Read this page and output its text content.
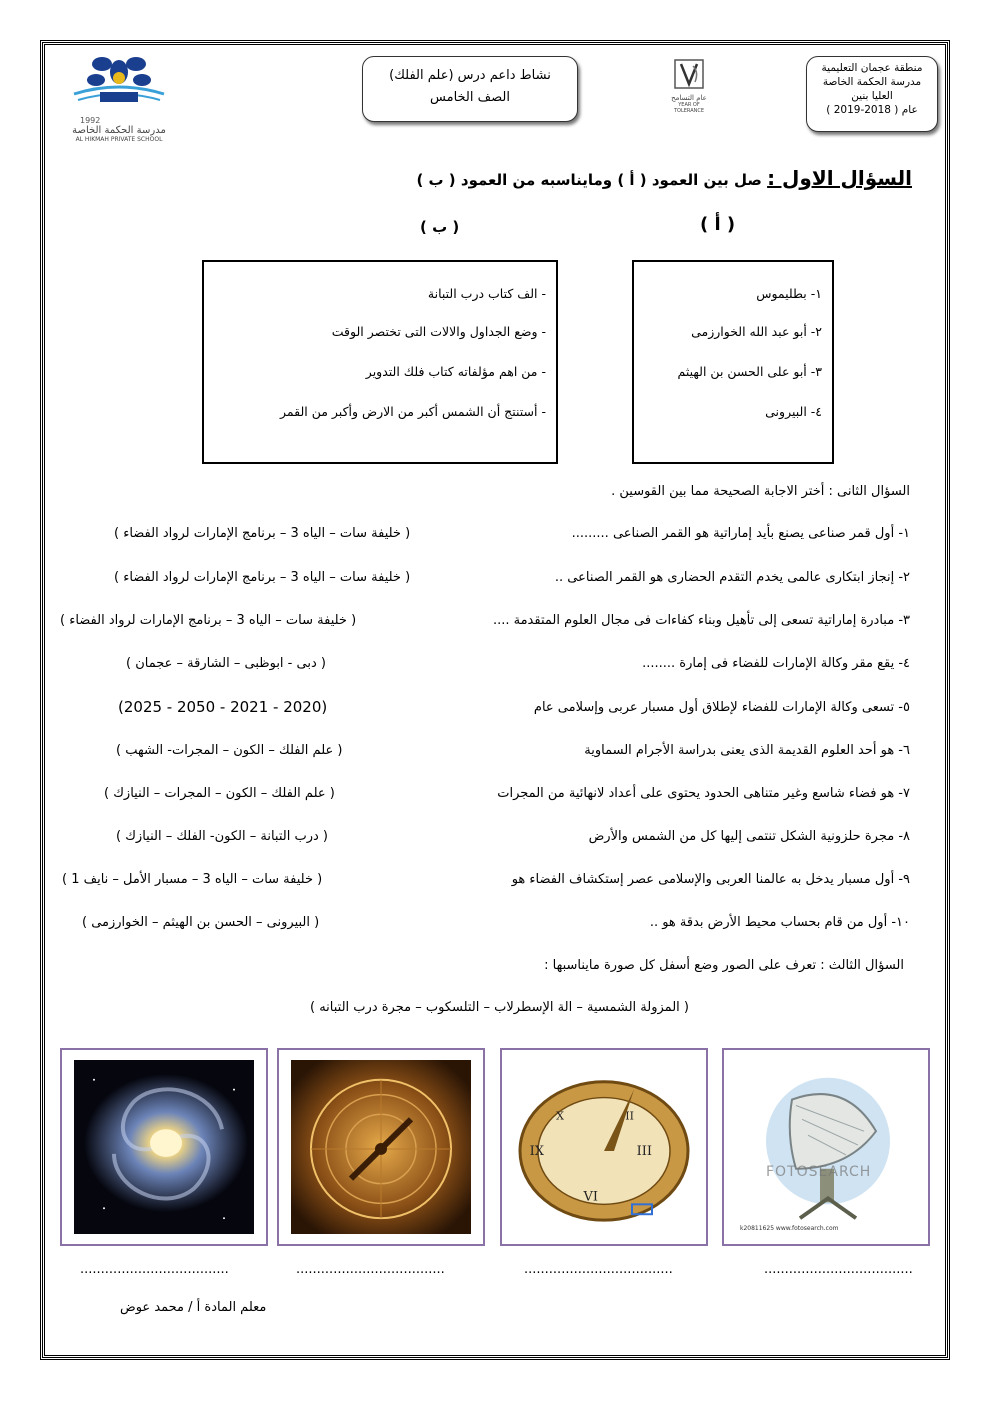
منطقة عجمان التعليمية
مدرسة الحكمة الخاصة
العليا بنين
عام ( 2018-2019 )
عام التسامح
YEAR OF TOLERANCE
نشاط داعم درس (علم الفلك)
الصف الخامس
1992
مدرسة الحكمة الخاصة
AL HIKMAH PRIVATE SCHOOL
السؤال الاول : صل بين العمود ( أ ) ومايناسبه من العمود ( ب )
( أ )
( ب )
١- بطليموس
٢- أبو عبد الله الخوارزمى
٣- أبو على الحسن بن الهيثم
٤- البيرونى
- الف كتاب درب التبانة
- وضع الجداول والالات التى تختصر الوقت
- من اهم مؤلفاته كتاب فلك التدوير
- أستنتج أن الشمس أكبر من الارض وأكبر من القمر
السؤال الثانى : أختر الاجابة الصحيحة مما بين القوسين .
١- أول قمر صناعى يصنع بأيد إماراتية هو القمر الصناعى .........
( خليفة سات – الياه 3 – برنامج الإمارات لرواد الفضاء )
٢- إنجاز ابتكارى عالمى يخدم التقدم الحضارى هو القمر الصناعى ..
( خليفة سات – الياه 3 – برنامج الإمارات لرواد الفضاء )
٣- مبادرة إماراتية تسعى إلى تأهيل وبناء كفاءات فى مجال العلوم المتقدمة ....
( خليفة سات – الياه 3 – برنامج الإمارات لرواد الفضاء )
٤- يقع مقر وكالة الإمارات للفضاء فى إمارة ........
( دبى - ابوظبى – الشارقة – عجمان )
٥- تسعى وكالة الإمارات للفضاء لإطلاق أول مسبار عربى وإسلامى عام
(2025 - 2050 - 2021 - 2020)
٦- هو أحد العلوم القديمة الذى يعنى بدراسة الأجرام السماوية
( علم الفلك – الكون – المجرات- الشهب )
٧- هو فضاء شاسع وغير متناهى الحدود يحتوى على أعداد لانهائية من المجرات
( علم الفلك – الكون – المجرات – النيازك )
٨- مجرة حلزونية الشكل تنتمى إليها كل من الشمس والأرض
( درب التبانة – الكون- الفلك – النيازك )
٩- أول مسبار يدخل به عالمنا العربى والإسلامى عصر إستكشاف الفضاء هو
( خليفة سات – الياه 3 – مسبار الأمل – نايف 1 )
١٠- أول من قام بحساب محيط الأرض بدقة هو ..
( البيرونى – الحسن بن الهيثم – الخوارزمى )
السؤال الثالث : تعرف على الصور وضع أسفل كل صورة مايناسبها :
( المزولة الشمسية – الة الإسطرلاب – التلسكوب – مجرة درب التبانه )
IX	III
VI
X	II
FOTOSEARCH
k20811625 www.fotosearch.com
....................................	....................................	....................................	....................................
معلم المادة أ / محمد عوض
